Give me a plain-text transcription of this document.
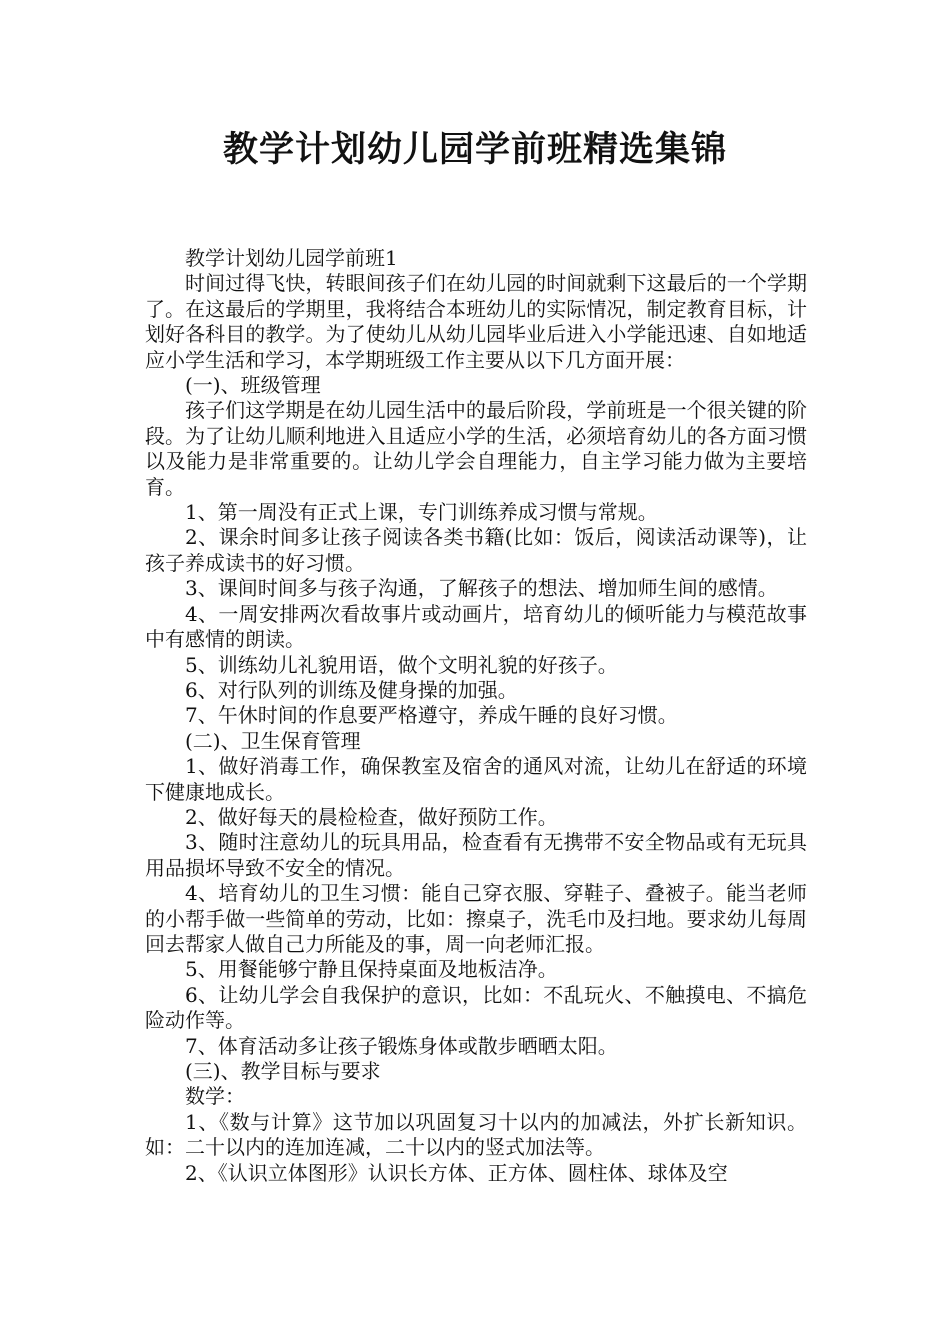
教学计划幼儿园学前班精选集锦

教学计划幼儿园学前班1

时间过得飞快，转眼间孩子们在幼儿园的时间就剩下这最后的一个学期了。在这最后的学期里，我将结合本班幼儿的实际情况，制定教育目标，计划好各科目的教学。为了使幼儿从幼儿园毕业后进入小学能迅速、自如地适应小学生活和学习，本学期班级工作主要从以下几方面开展：

(一)、班级管理

孩子们这学期是在幼儿园生活中的最后阶段，学前班是一个很关键的阶段。为了让幼儿顺利地进入且适应小学的生活，必须培育幼儿的各方面习惯以及能力是非常重要的。让幼儿学会自理能力，自主学习能力做为主要培育。

1、第一周没有正式上课，专门训练养成习惯与常规。

2、课余时间多让孩子阅读各类书籍(比如：饭后，阅读活动课等)，让孩子养成读书的好习惯。

3、课间时间多与孩子沟通，了解孩子的想法、增加师生间的感情。

4、一周安排两次看故事片或动画片，培育幼儿的倾听能力与模范故事中有感情的朗读。

5、训练幼儿礼貌用语，做个文明礼貌的好孩子。

6、对行队列的训练及健身操的加强。

7、午休时间的作息要严格遵守，养成午睡的良好习惯。

(二)、卫生保育管理

1、做好消毒工作，确保教室及宿舍的通风对流，让幼儿在舒适的环境下健康地成长。

2、做好每天的晨检检查，做好预防工作。

3、随时注意幼儿的玩具用品，检查看有无携带不安全物品或有无玩具用品损坏导致不安全的情况。

4、培育幼儿的卫生习惯：能自己穿衣服、穿鞋子、叠被子。能当老师的小帮手做一些简单的劳动，比如：擦桌子，洗毛巾及扫地。要求幼儿每周回去帮家人做自己力所能及的事，周一向老师汇报。

5、用餐能够宁静且保持桌面及地板洁净。

6、让幼儿学会自我保护的意识，比如：不乱玩火、不触摸电、不搞危险动作等。

7、体育活动多让孩子锻炼身体或散步晒晒太阳。

(三)、教学目标与要求

数学：

1、《数与计算》这节加以巩固复习十以内的加减法，外扩长新知识。如：二十以内的连加连减，二十以内的竖式加法等。

2、《认识立体图形》认识长方体、正方体、圆柱体、球体及空
